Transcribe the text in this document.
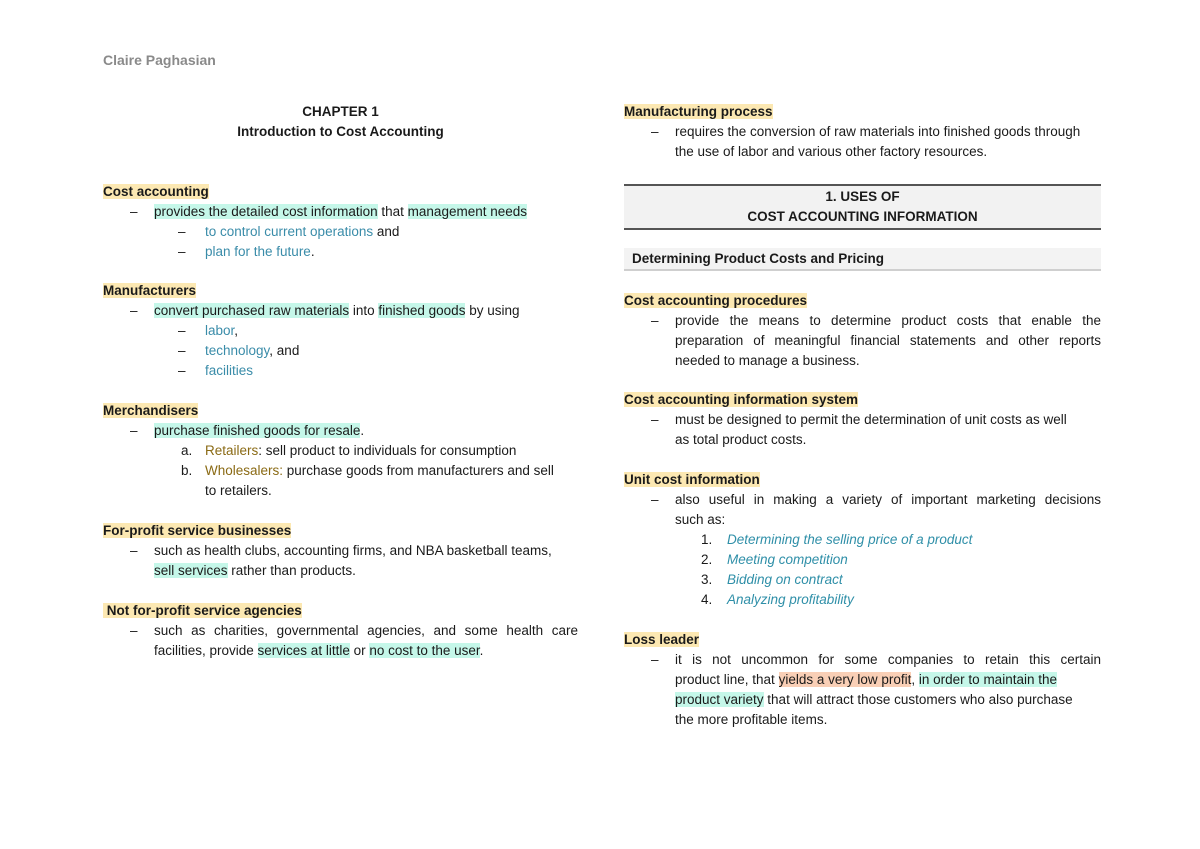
Claire Paghasian
CHAPTER 1
Introduction to Cost Accounting
Cost accounting
– provides the detailed cost information that management needs
– to control current operations and
– plan for the future.
Manufacturers
– convert purchased raw materials into finished goods by using
– labor,
– technology, and
– facilities
Merchandisers
– purchase finished goods for resale.
a. Retailers: sell product to individuals for consumption
b. Wholesalers: purchase goods from manufacturers and sell
to retailers.
For-profit service businesses
– such as health clubs, accounting firms, and NBA basketball teams,
sell services rather than products.
Not for-profit service agencies
– such as charities, governmental agencies, and some health care
facilities, provide services at little or no cost to the user.
Manufacturing process
– requires the conversion of raw materials into finished goods through
the use of labor and various other factory resources.
1. USES OF
COST ACCOUNTING INFORMATION
Determining Product Costs and Pricing
Cost accounting procedures
– provide the means to determine product costs that enable the
preparation of meaningful financial statements and other reports
needed to manage a business.
Cost accounting information system
– must be designed to permit the determination of unit costs as well
as total product costs.
Unit cost information
– also useful in making a variety of important marketing decisions
such as:
1. Determining the selling price of a product
2. Meeting competition
3. Bidding on contract
4. Analyzing profitability
Loss leader
– it is not uncommon for some companies to retain this certain
product line, that yields a very low profit, in order to maintain the
product variety that will attract those customers who also purchase
the more profitable items.
